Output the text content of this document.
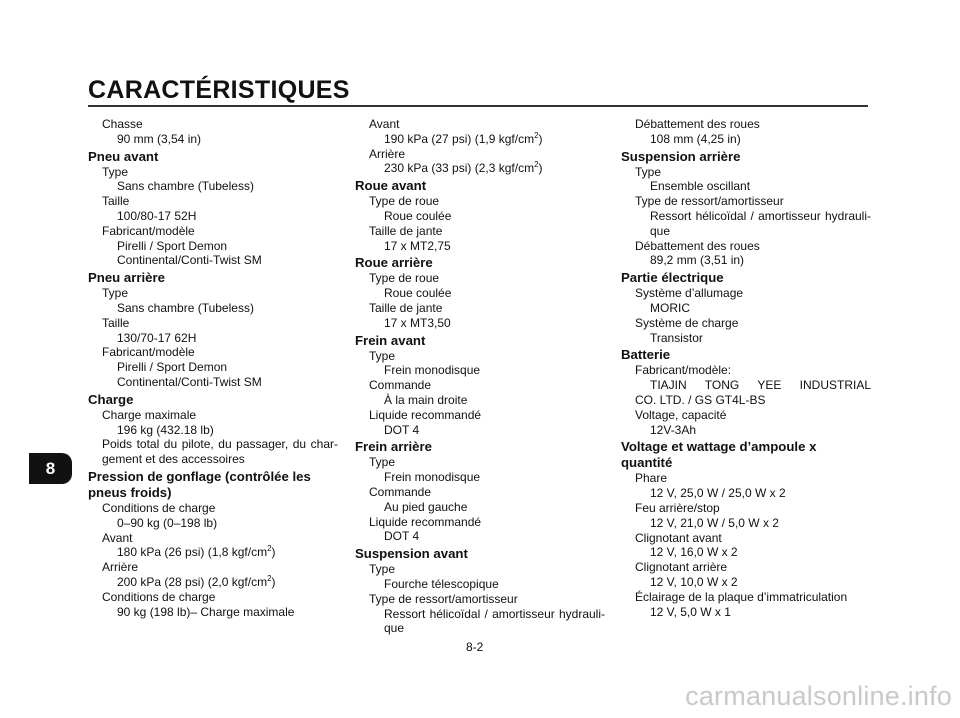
CARACTÉRISTIQUES
Chasse
90 mm (3,54 in)
Pneu avant
Type
Sans chambre (Tubeless)
Taille
100/80-17 52H
Fabricant/modèle
Pirelli / Sport Demon
Continental/Conti-Twist SM
Pneu arrière
Type
Sans chambre (Tubeless)
Taille
130/70-17 62H
Fabricant/modèle
Pirelli / Sport Demon
Continental/Conti-Twist SM
Charge
Charge maximale
196 kg (432.18 lb)
Poids total du pilote, du passager, du char-
gement et des accessoires
Pression de gonflage (contrôlée les
pneus froids)
Conditions de charge
0–90 kg (0–198 lb)
Avant
180 kPa (26 psi) (1,8 kgf/$cm^2$)
Arrière
200 kPa (28 psi) (2,0 kgf/$cm^2$)
Conditions de charge
90 kg (198 lb)– Charge maximale
Avant
190 kPa (27 psi) (1,9 kgf/$cm^2$)
Arrière
230 kPa (33 psi) (2,3 kgf/$cm^2$)
Roue avant
Type de roue
Roue coulée
Taille de jante
17 x MT2,75
Roue arrière
Type de roue
Roue coulée
Taille de jante
17 x MT3,50
Frein avant
Type
Frein monodisque
Commande
À la main droite
Liquide recommandé
DOT 4
Frein arrière
Type
Frein monodisque
Commande
Au pied gauche
Liquide recommandé
DOT 4
Suspension avant
Type
Fourche télescopique
Type de ressort/amortisseur
Ressort hélicoïdal / amortisseur hydrauli-
que
Débattement des roues
108 mm (4,25 in)
Suspension arrière
Type
Ensemble oscillant
Type de ressort/amortisseur
Ressort hélicoïdal / amortisseur hydrauli-
que
Débattement des roues
89,2 mm (3,51 in)
Partie électrique
Système d’allumage
MORIC
Système de charge
Transistor
Batterie
Fabricant/modèle:
TIAJIN TONG YEE INDUSTRIAL
CO. LTD. / GS GT4L-BS
Voltage, capacité
12V-3Ah
Voltage et wattage d’ampoule x
quantité
Phare
12 V, 25,0 W / 25,0 W x 2
Feu arrière/stop
12 V, 21,0 W / 5,0 W x 2
Clignotant avant
12 V, 16,0 W x 2
Clignotant arrière
12 V, 10,0 W x 2
Éclairage de la plaque d’immatriculation
12 V, 5,0 W x 1
8
8-2
carmanualsonline.info
